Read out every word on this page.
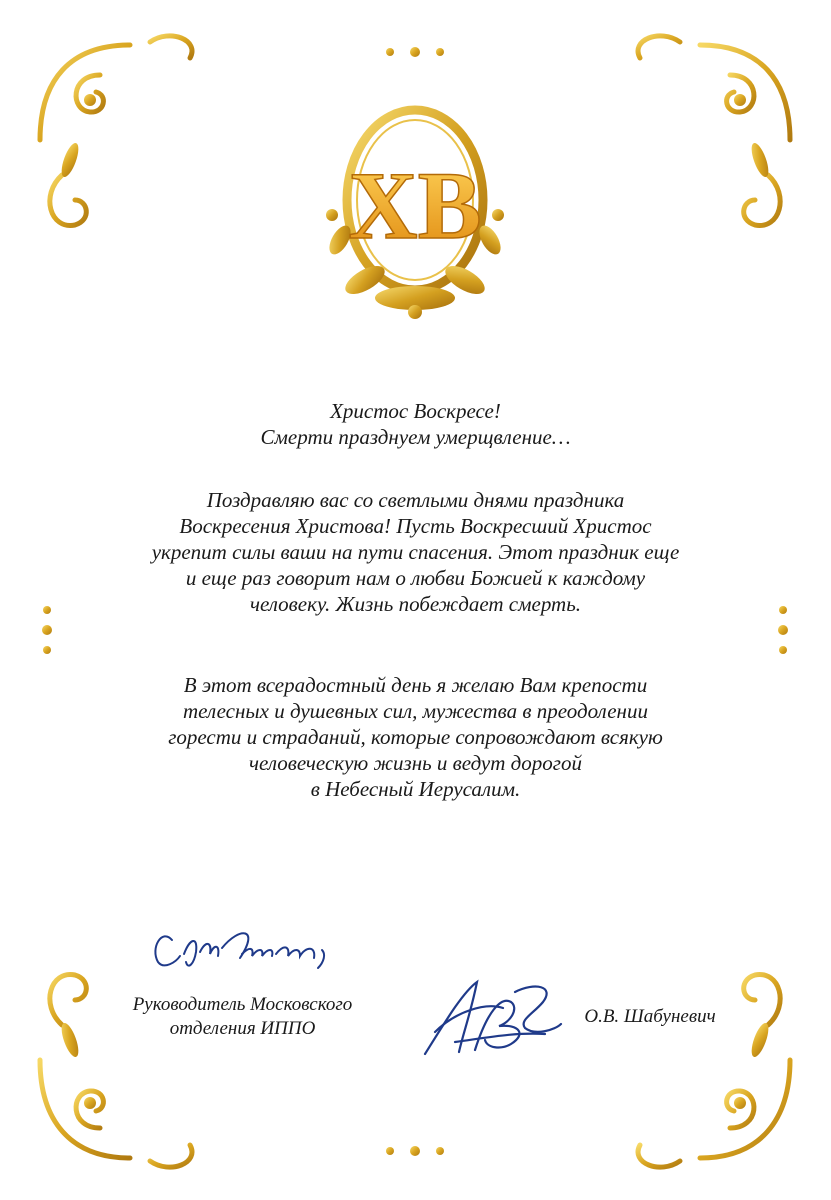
ХВ

Христос Воскресе!
Смерти празднуем умерщвление…

Поздравляю вас со светлыми днями праздника
Воскресения Христова! Пусть Воскресший Христос
укрепит силы ваши на пути спасения. Этот праздник еще
и еще раз говорит нам о любви Божией к каждому
человеку. Жизнь побеждает смерть.

В этот всерадостный день я желаю Вам крепости
телесных и душевных сил, мужества в преодолении
горести и страданий, которые сопровождают всякую
человеческую жизнь и ведут дорогой
в Небесный Иерусалим.

Руководитель Московского
отделения ИППО
О.В. Шабуневич
